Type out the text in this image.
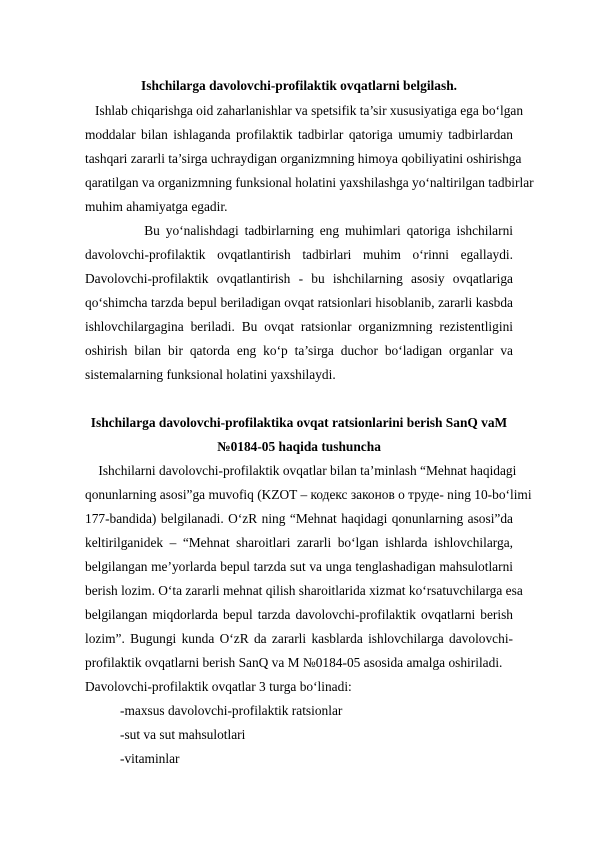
Ishchilarga davolovchi-profilaktik ovqatlarni belgilash.
Ishlab chiqarishga oid zaharlanishlar va spetsifik ta’sir xususiyatiga ega bo‘lgan
moddalar bilan ishlaganda profilaktik tadbirlar qatoriga umumiy tadbirlardan
tashqari zararli ta’sirga uchraydigan organizmning himoya qobiliyatini oshirishga
qaratilgan va organizmning funksional holatini yaxshilashga yo‘naltirilgan tadbirlar
muhim ahamiyatga egadir.
Bu yo‘nalishdagi tadbirlarning eng muhimlari qatoriga ishchilarni
davolovchi-profilaktik ovqatlantirish tadbirlari muhim o‘rinni egallaydi.
Davolovchi-profilaktik ovqatlantirish - bu ishchilarning asosiy ovqatlariga
qo‘shimcha tarzda bepul beriladigan ovqat ratsionlari hisoblanib, zararli kasbda
ishlovchilargagina beriladi. Bu ovqat ratsionlar organizmning rezistentligini
oshirish bilan bir qatorda eng ko‘p ta’sirga duchor bo‘ladigan organlar va
sistemalarning funksional holatini yaxshilaydi.
Ishchilarga davolovchi-profilaktika ovqat ratsionlarini berish SanQ vaM
№0184-05 haqida tushuncha
Ishchilarni davolovchi-profilaktik ovqatlar bilan ta’minlash “Mehnat haqidagi
qonunlarning asosi”ga muvofiq (KZOT – кодекс законов о труде- ning 10-bo‘limi
177-bandida) belgilanadi. O‘zR ning “Mehnat haqidagi qonunlarning asosi”da
keltirilganidek – “Mehnat sharoitlari zararli bo‘lgan ishlarda ishlovchilarga,
belgilangan me’yorlarda bepul tarzda sut va unga tenglashadigan mahsulotlarni
berish lozim. O‘ta zararli mehnat qilish sharoitlarida xizmat ko‘rsatuvchilarga esa
belgilangan miqdorlarda bepul tarzda davolovchi-profilaktik ovqatlarni berish
lozim”. Bugungi kunda O‘zR da zararli kasblarda ishlovchilarga davolovchi-
profilaktik ovqatlarni berish SanQ va M №0184-05 asosida amalga oshiriladi.
Davolovchi-profilaktik ovqatlar 3 turga bo‘linadi:
-maxsus davolovchi-profilaktik ratsionlar
-sut va sut mahsulotlari
-vitaminlar
